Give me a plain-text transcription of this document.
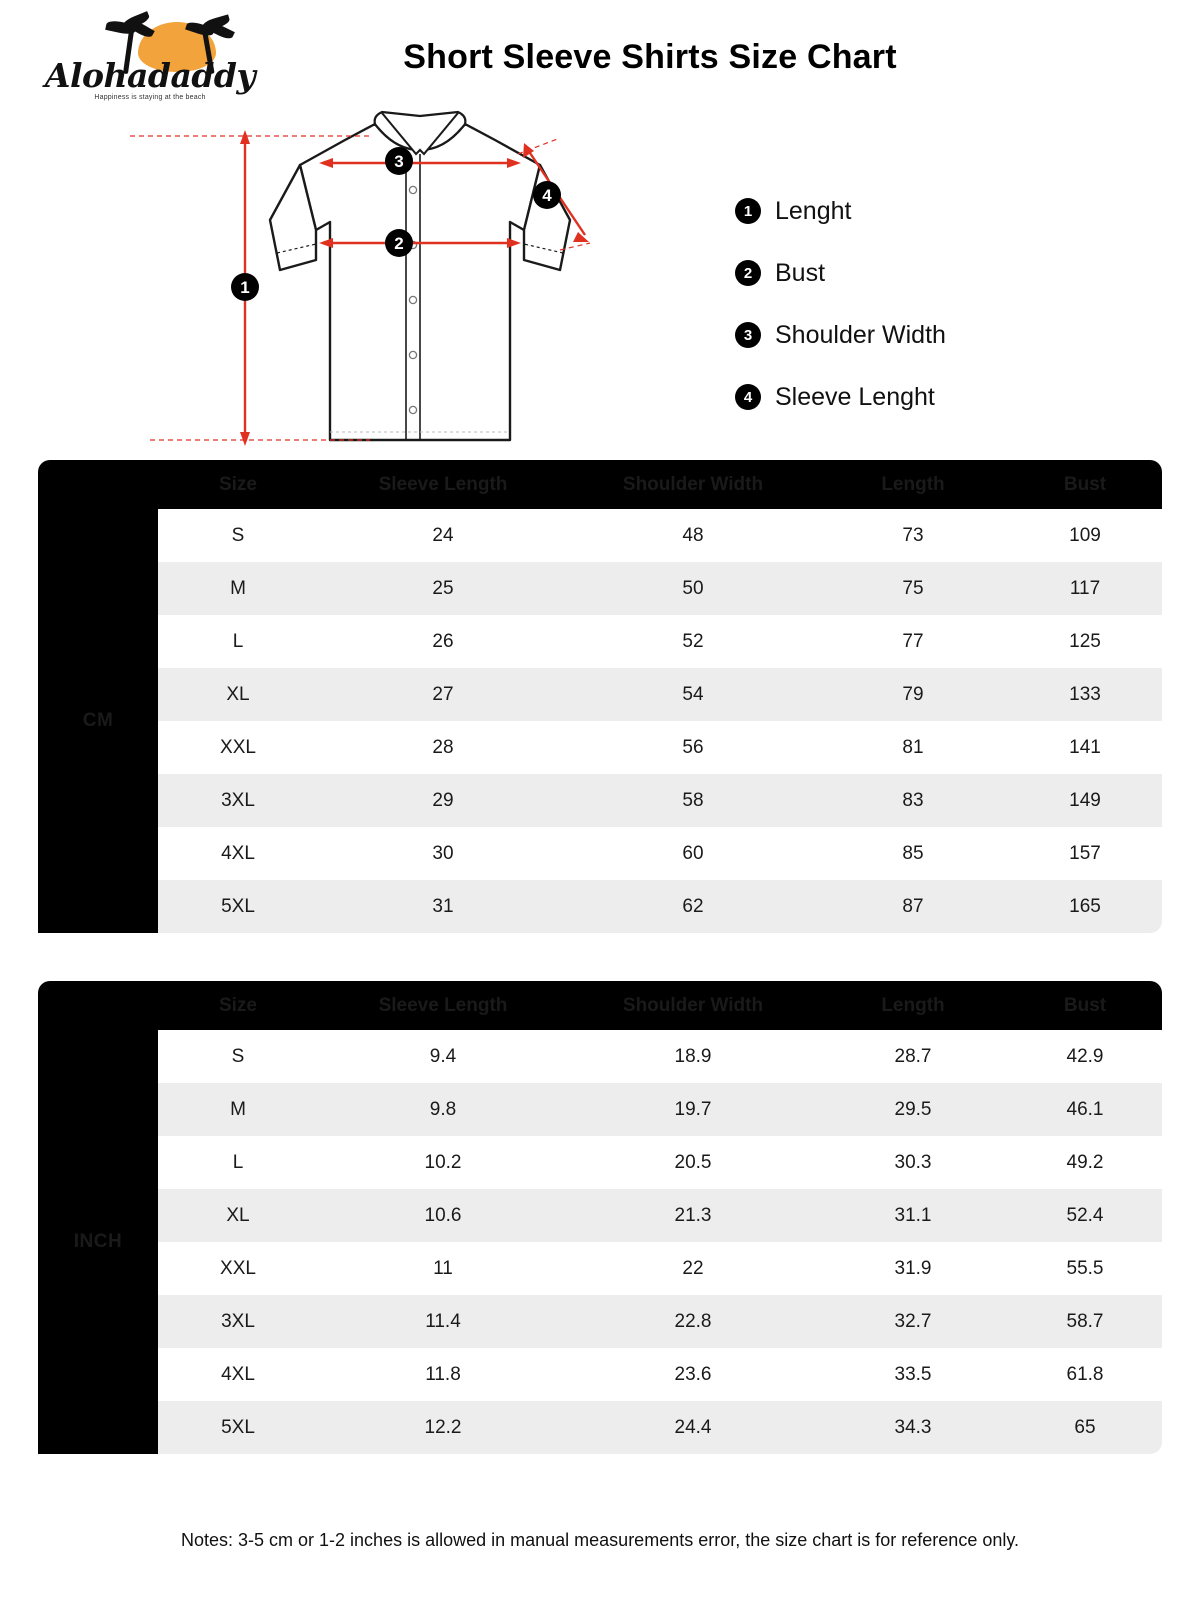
Alohadaddy
Happiness is staying at the beach
Short Sleeve Shirts Size Chart
1
2
3
4
1 Lenght
2 Bust
3 Shoulder Width
4 Sleeve Lenght
	Size	Sleeve Length	Shoulder Width	Length	Bust
CM	S	24	48	73	109
	M	25	50	75	117
	L	26	52	77	125
	XL	27	54	79	133
	XXL	28	56	81	141
	3XL	29	58	83	149
	4XL	30	60	85	157
	5XL	31	62	87	165
	Size	Sleeve Length	Shoulder Width	Length	Bust
INCH	S	9.4	18.9	28.7	42.9
	M	9.8	19.7	29.5	46.1
	L	10.2	20.5	30.3	49.2
	XL	10.6	21.3	31.1	52.4
	XXL	11	22	31.9	55.5
	3XL	11.4	22.8	32.7	58.7
	4XL	11.8	23.6	33.5	61.8
	5XL	12.2	24.4	34.3	65
Notes: 3-5 cm or 1-2 inches is allowed in manual measurements error, the size chart is for reference only.
